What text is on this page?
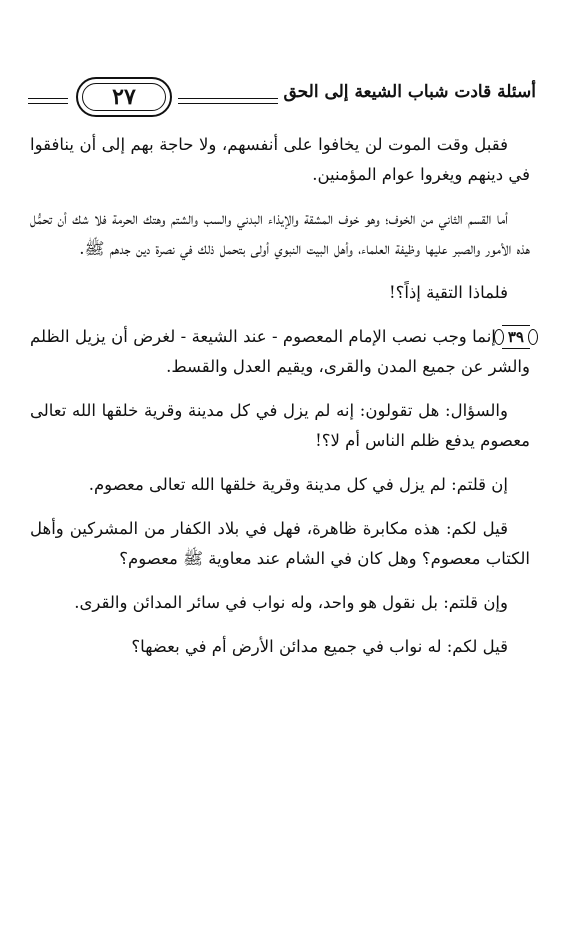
أسئلة قادت شباب الشيعة إلى الحق
٢٧

فقبل وقت الموت لن يخافوا على أنفسهم، ولا حاجة بهم إلى أن ينافقوا في دينهم ويغروا عوام المؤمنين.

أما القسم الثاني من الخوف؛ وهو خوف المشقة والإيذاء البدني والسب والشتم وهتك الحرمة فلا شك أن تحمُّل هذه الأمور والصبر عليها وظيفة العلماء، وأهل البيت النبوي أولى بتحمل ذلك في نصرة دين جدهم ﷺ.

فلماذا التقية إذاً؟!

٣٩إنما وجب نصب الإمام المعصوم - عند الشيعة - لغرض أن يزيل الظلم والشر عن جميع المدن والقرى، ويقيم العدل والقسط.

والسؤال: هل تقولون: إنه لم يزل في كل مدينة وقرية خلقها الله تعالى معصوم يدفع ظلم الناس أم لا؟!

إن قلتم: لم يزل في كل مدينة وقرية خلقها الله تعالى معصوم.

قيل لكم: هذه مكابرة ظاهرة، فهل في بلاد الكفار من المشركين وأهل الكتاب معصوم؟ وهل كان في الشام عند معاوية ﷺ معصوم؟

وإن قلتم: بل نقول هو واحد، وله نواب في سائر المدائن والقرى.

قيل لكم: له نواب في جميع مدائن الأرض أم في بعضها؟
